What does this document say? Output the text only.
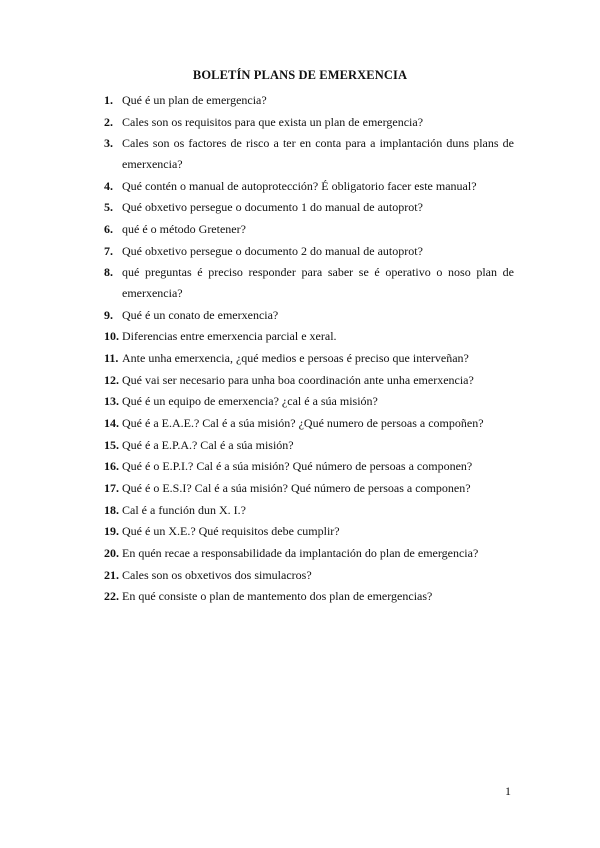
BOLETÍN PLANS DE EMERXENCIA
1. Qué é un plan de emergencia?
2. Cales son os requisitos para que exista un plan de emergencia?
3. Cales son os factores de risco a ter en conta para a implantación duns plans de emerxencia?
4. Qué contén o manual de autoprotección? É obligatorio facer este manual?
5. Qué obxetivo persegue o documento 1 do manual de autoprot?
6. qué é o método Gretener?
7. Qué obxetivo persegue o documento 2 do manual de autoprot?
8. qué preguntas é preciso responder para saber se é operativo o noso plan de emerxencia?
9. Qué é un conato de emerxencia?
10. Diferencias entre emerxencia parcial e xeral.
11. Ante unha emerxencia, ¿qué medios e persoas é preciso que interveñan?
12. Qué vai ser necesario para unha boa coordinación ante unha emerxencia?
13. Qué é un equipo de emerxencia? ¿cal é a súa misión?
14. Qué é a E.A.E.? Cal é a súa misión? ¿Qué numero de persoas a compoñen?
15. Qué é a E.P.A.? Cal é a súa misión?
16. Qué é o E.P.I.? Cal é a súa misión? Qué número de persoas a componen?
17. Qué é o E.S.I? Cal é a súa misión? Qué número de persoas a componen?
18. Cal é a función dun X. I.?
19. Qué é un X.E.? Qué requisitos debe cumplir?
20. En quén recae a responsabilidade da implantación do plan de emergencia?
21. Cales son os obxetivos dos simulacros?
22. En qué consiste o plan de mantemento dos plan de emergencias?
1
